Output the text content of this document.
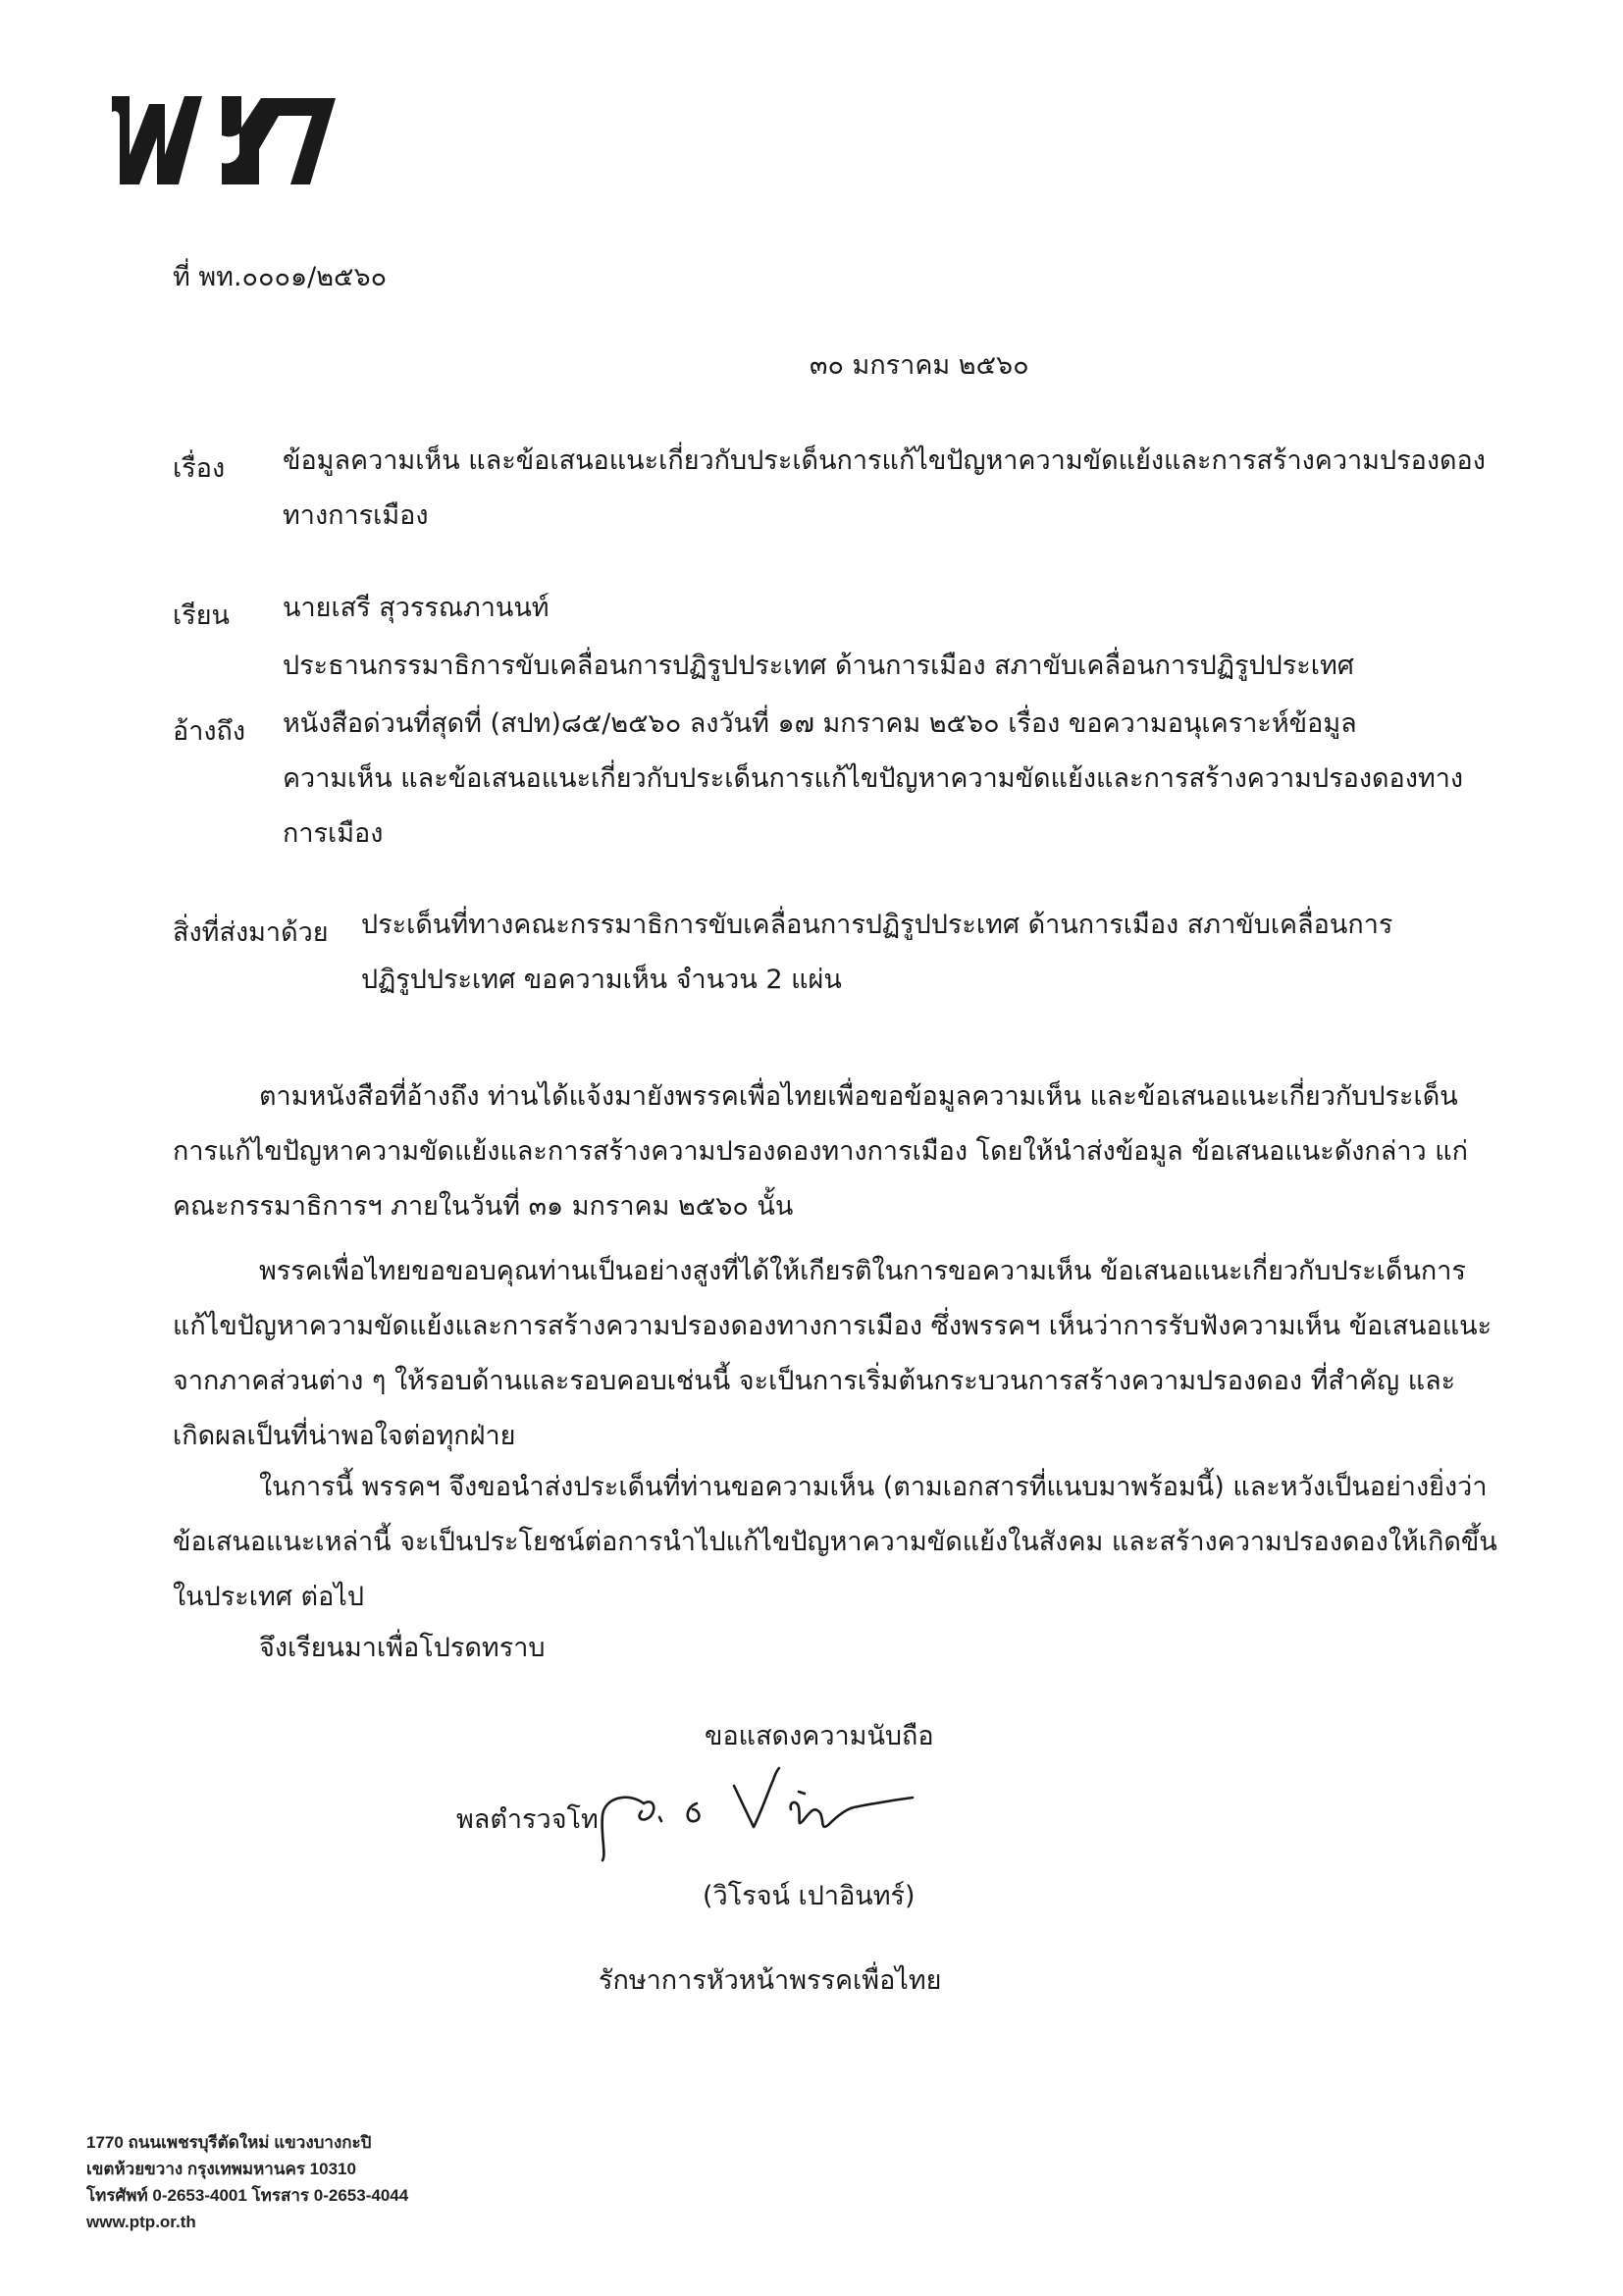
ที่ พท.๐๐๐๑/๒๕๖๐
๓๐ มกราคม ๒๕๖๐
เรื่อง ข้อมูลความเห็น และข้อเสนอแนะเกี่ยวกับประเด็นการแก้ไขปัญหาความขัดแย้งและการสร้างความปรองดอง
ทางการเมือง
เรียน นายเสรี สุวรรณภานนท์
ประธานกรรมาธิการขับเคลื่อนการปฏิรูปประเทศ ด้านการเมือง สภาขับเคลื่อนการปฏิรูปประเทศ
อ้างถึง หนังสือด่วนที่สุดที่ (สปท)๘๕/๒๕๖๐ ลงวันที่ ๑๗ มกราคม ๒๕๖๐ เรื่อง ขอความอนุเคราะห์ข้อมูล
ความเห็น และข้อเสนอแนะเกี่ยวกับประเด็นการแก้ไขปัญหาความขัดแย้งและการสร้างความปรองดองทาง
การเมือง
สิ่งที่ส่งมาด้วย ประเด็นที่ทางคณะกรรมาธิการขับเคลื่อนการปฏิรูปประเทศ ด้านการเมือง สภาขับเคลื่อนการ
ปฏิรูปประเทศ ขอความเห็น จำนวน 2 แผ่น
ตามหนังสือที่อ้างถึง ท่านได้แจ้งมายังพรรคเพื่อไทยเพื่อขอข้อมูลความเห็น และข้อเสนอแนะเกี่ยวกับประเด็น
การแก้ไขปัญหาความขัดแย้งและการสร้างความปรองดองทางการเมือง โดยให้นำส่งข้อมูล ข้อเสนอแนะดังกล่าว แก่
คณะกรรมาธิการฯ ภายในวันที่ ๓๑ มกราคม ๒๕๖๐ นั้น
พรรคเพื่อไทยขอขอบคุณท่านเป็นอย่างสูงที่ได้ให้เกียรติในการขอความเห็น ข้อเสนอแนะเกี่ยวกับประเด็นการ
แก้ไขปัญหาความขัดแย้งและการสร้างความปรองดองทางการเมือง ซึ่งพรรคฯ เห็นว่าการรับฟังความเห็น ข้อเสนอแนะ
จากภาคส่วนต่าง ๆ ให้รอบด้านและรอบคอบเช่นนี้ จะเป็นการเริ่มต้นกระบวนการสร้างความปรองดอง ที่สำคัญ และ
เกิดผลเป็นที่น่าพอใจต่อทุกฝ่าย
ในการนี้ พรรคฯ จึงขอนำส่งประเด็นที่ท่านขอความเห็น (ตามเอกสารที่แนบมาพร้อมนี้) และหวังเป็นอย่างยิ่งว่า
ข้อเสนอแนะเหล่านี้ จะเป็นประโยชน์ต่อการนำไปแก้ไขปัญหาความขัดแย้งในสังคม และสร้างความปรองดองให้เกิดขึ้น
ในประเทศ ต่อไป
จึงเรียนมาเพื่อโปรดทราบ
ขอแสดงความนับถือ
พลตำรวจโท
(วิโรจน์ เปาอินทร์)
รักษาการหัวหน้าพรรคเพื่อไทย
1770 ถนนเพชรบุรีตัดใหม่ แขวงบางกะปิ
เขตห้วยขวาง กรุงเทพมหานคร 10310
โทรศัพท์ 0-2653-4001 โทรสาร 0-2653-4044
www.ptp.or.th
